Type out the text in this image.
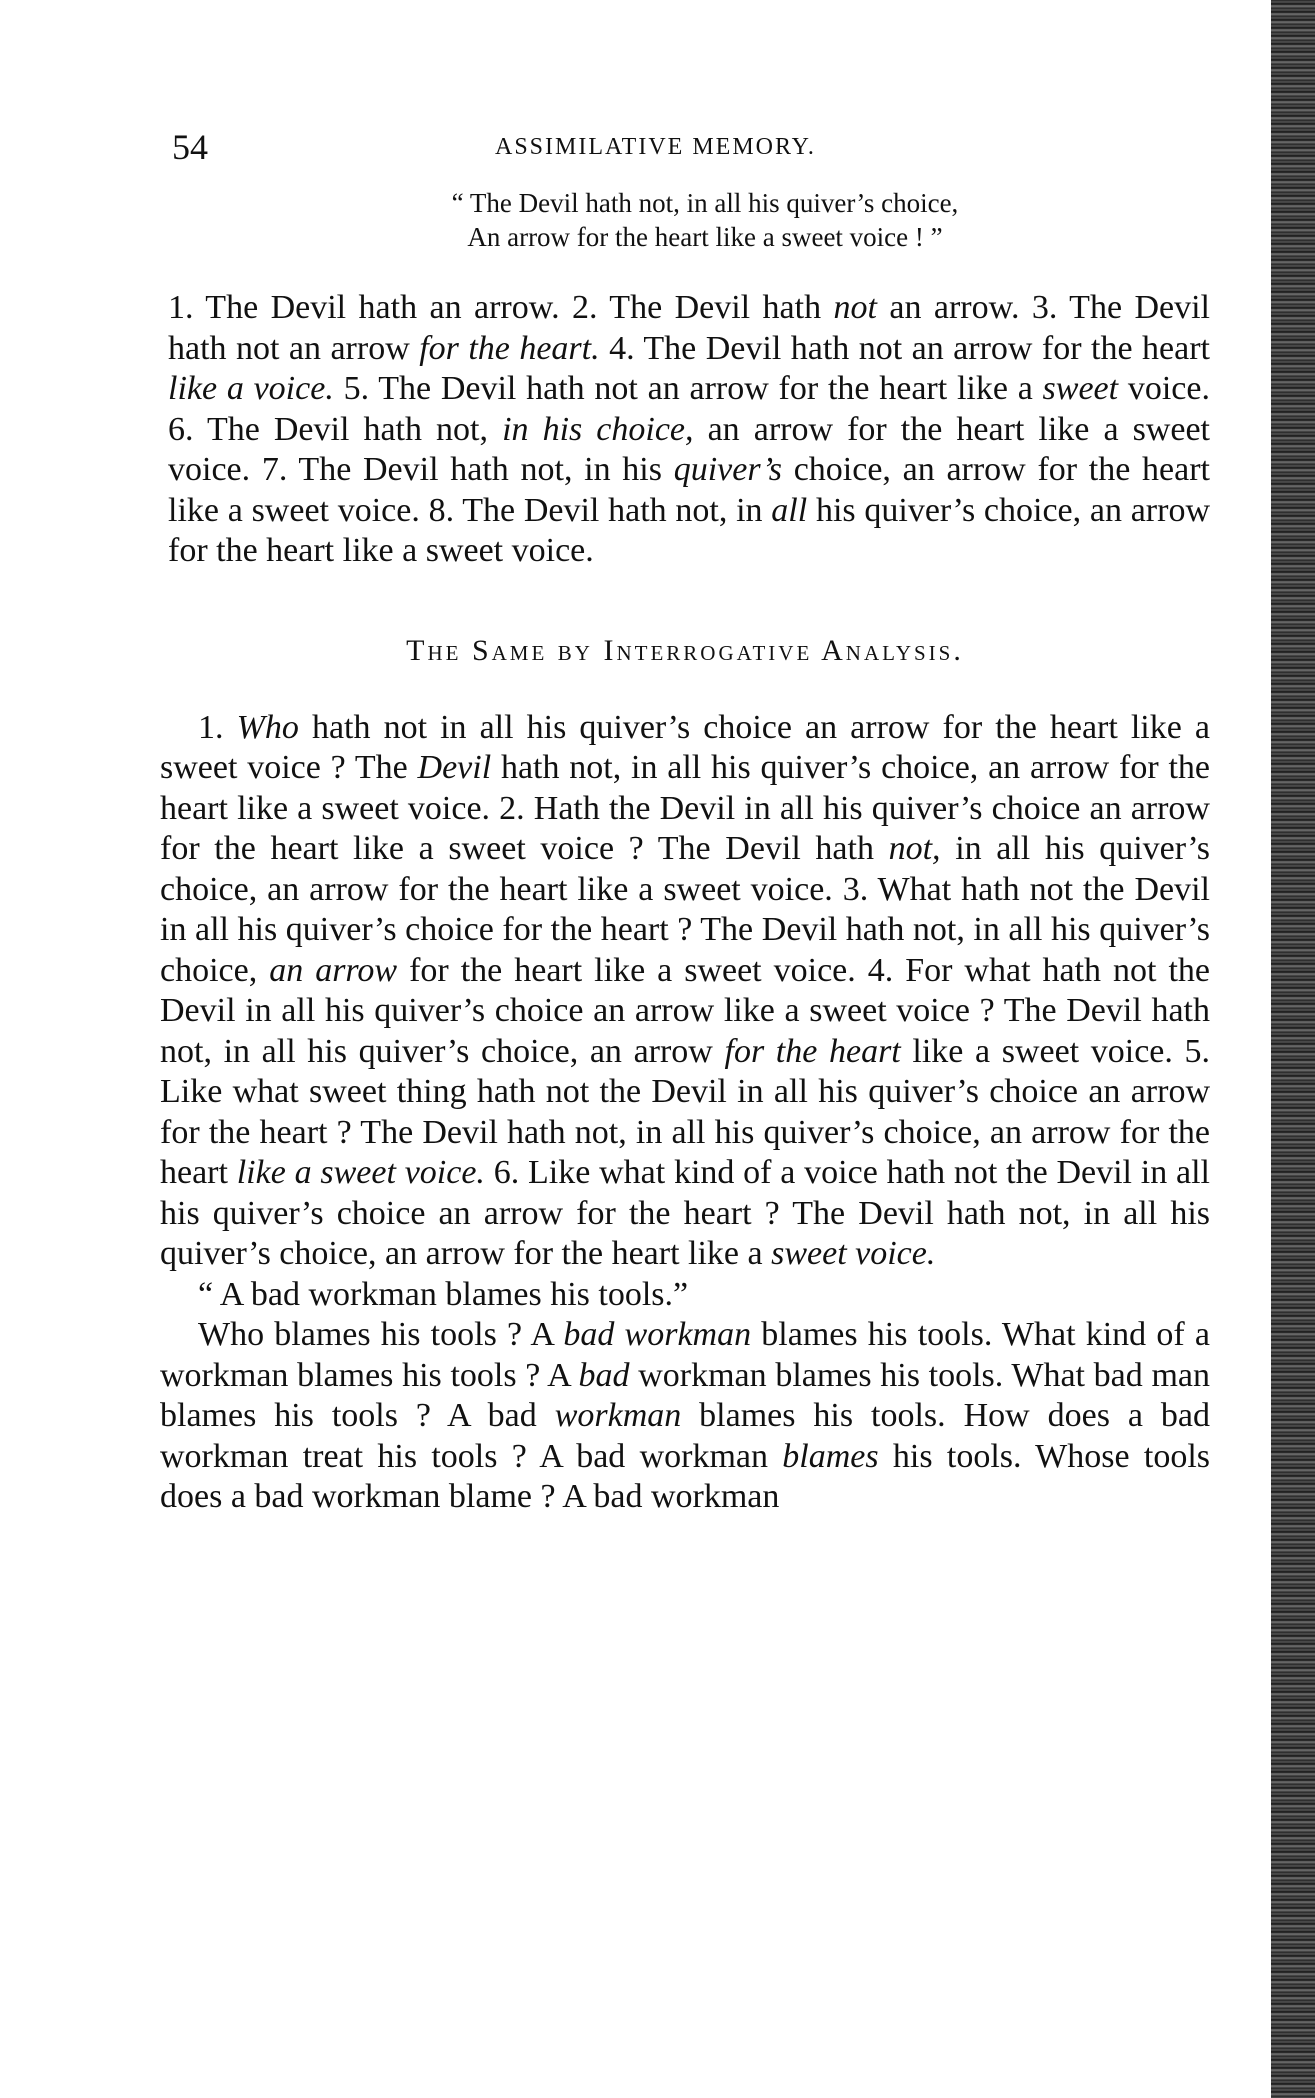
54	ASSIMILATIVE MEMORY.
“ The Devil hath not, in all his quiver’s choice,
An arrow for the heart like a sweet voice ! ”

1. The Devil hath an arrow. 2. The Devil hath not an arrow. 3. The Devil hath not an arrow for the heart. 4. The Devil hath not an arrow for the heart like a voice. 5. The Devil hath not an arrow for the heart like a sweet voice. 6. The Devil hath not, in his choice, an arrow for the heart like a sweet voice. 7. The Devil hath not, in his quiver’s choice, an arrow for the heart like a sweet voice. 8. The Devil hath not, in all his quiver’s choice, an arrow for the heart like a sweet voice.

The Same by Interrogative Analysis.

1. Who hath not in all his quiver’s choice an arrow for the heart like a sweet voice ? The Devil hath not, in all his quiver’s choice, an arrow for the heart like a sweet voice. 2. Hath the Devil in all his quiver’s choice an arrow for the heart like a sweet voice ? The Devil hath not, in all his quiver’s choice, an arrow for the heart like a sweet voice. 3. What hath not the Devil in all his quiver’s choice for the heart ? The Devil hath not, in all his quiver’s choice, an arrow for the heart like a sweet voice. 4. For what hath not the Devil in all his quiver’s choice an arrow like a sweet voice ? The Devil hath not, in all his quiver’s choice, an arrow for the heart like a sweet voice. 5. Like what sweet thing hath not the Devil in all his quiver’s choice an arrow for the heart ? The Devil hath not, in all his quiver’s choice, an arrow for the heart like a sweet voice. 6. Like what kind of a voice hath not the Devil in all his quiver’s choice an arrow for the heart ? The Devil hath not, in all his quiver’s choice, an arrow for the heart like a sweet voice.

“ A bad workman blames his tools.”

Who blames his tools ? A bad workman blames his tools. What kind of a workman blames his tools ? A bad workman blames his tools. What bad man blames his tools ? A bad workman blames his tools. How does a bad workman treat his tools ? A bad workman blames his tools. Whose tools does a bad workman blame ? A bad workman
